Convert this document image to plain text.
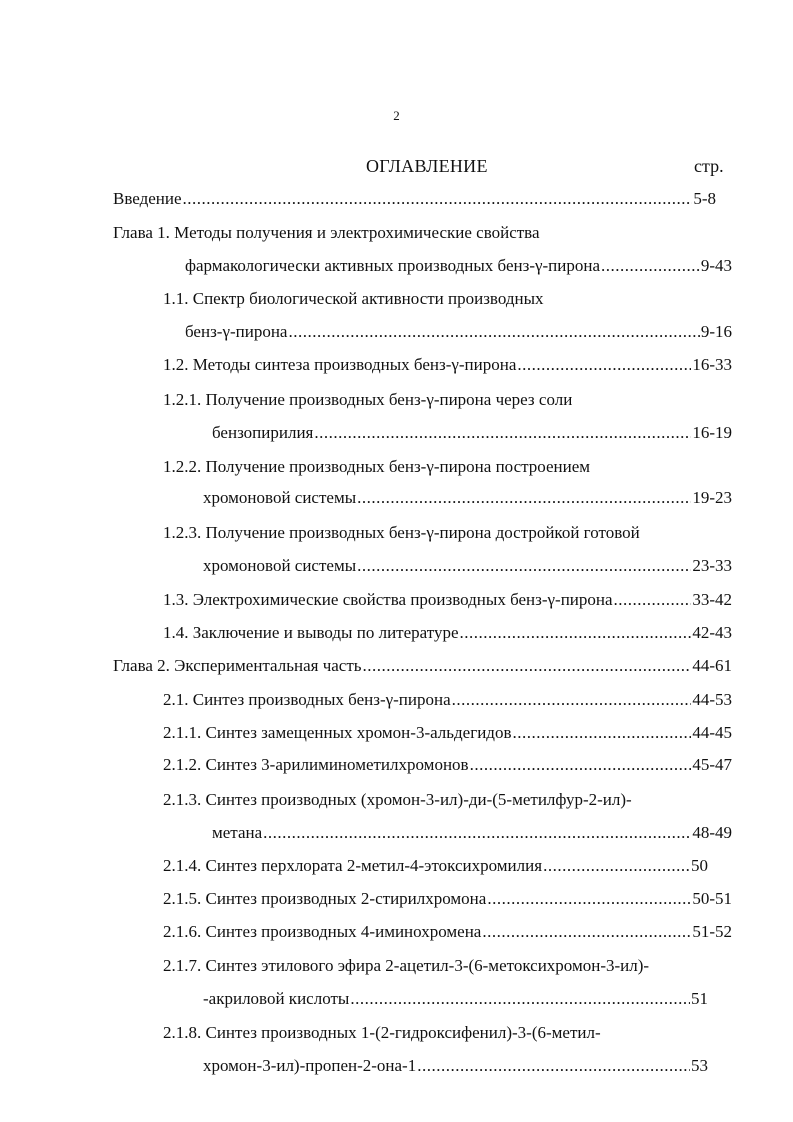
2
ОГЛАВЛЕНИЕ	стр.
Введение .....	5-8
Глава 1. Методы получения и электрохимические свойства
фармакологически активных производных бенз-γ-пирона .....	9-43
1.1. Спектр биологической активности производных
бенз-γ-пирона .....	9-16
1.2. Методы синтеза производных бенз-γ-пирона .....	16-33
1.2.1. Получение производных бенз-γ-пирона через соли
бензопирилия .....	16-19
1.2.2. Получение производных бенз-γ-пирона построением
хромоновой системы .....	19-23
1.2.3. Получение производных бенз-γ-пирона достройкой готовой
хромоновой системы .....	23-33
1.3. Электрохимические свойства производных бенз-γ-пирона .....	33-42
1.4. Заключение и выводы по литературе .....	42-43
Глава 2. Экспериментальная часть .....	44-61
2.1. Синтез производных бенз-γ-пирона .....	44-53
2.1.1. Синтез замещенных хромон-3-альдегидов .....	44-45
2.1.2. Синтез 3-арилиминометилхромонов .....	45-47
2.1.3. Синтез производных (хромон-3-ил)-ди-(5-метилфур-2-ил)-
метана .....	48-49
2.1.4. Синтез перхлората 2-метил-4-этоксихромилия .....	50
2.1.5. Синтез производных 2-стирилхромона .....	50-51
2.1.6. Синтез производных 4-иминохромена .....	51-52
2.1.7. Синтез этилового эфира 2-ацетил-3-(6-метоксихромон-3-ил)-
-акриловой кислоты .....	51
2.1.8. Синтез производных 1-(2-гидроксифенил)-3-(6-метил-
хромон-3-ил)-пропен-2-она-1 .....	53
